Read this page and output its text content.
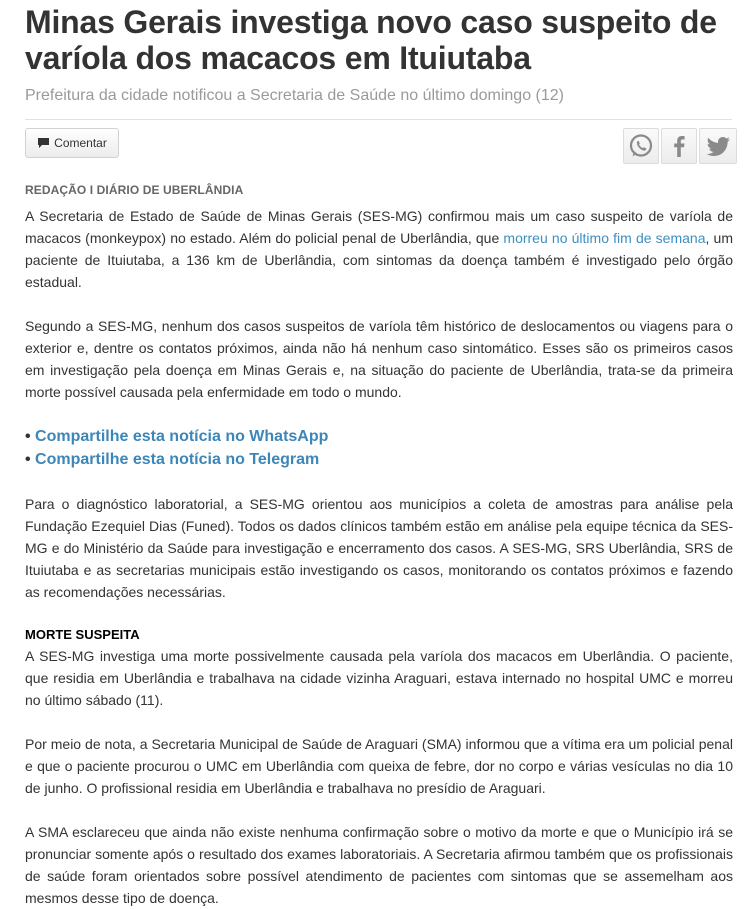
Minas Gerais investiga novo caso suspeito de varíola dos macacos em Ituiutaba
Prefeitura da cidade notificou a Secretaria de Saúde no último domingo (12)
Comentar
REDAÇÃO I DIÁRIO DE UBERLÂNDIA

A Secretaria de Estado de Saúde de Minas Gerais (SES-MG) confirmou mais um caso suspeito de varíola de macacos (monkeypox) no estado. Além do policial penal de Uberlândia, que morreu no último fim de semana, um paciente de Ituiutaba, a 136 km de Uberlândia, com sintomas da doença também é investigado pelo órgão estadual.

Segundo a SES-MG, nenhum dos casos suspeitos de varíola têm histórico de deslocamentos ou viagens para o exterior e, dentre os contatos próximos, ainda não há nenhum caso sintomático. Esses são os primeiros casos em investigação pela doença em Minas Gerais e, na situação do paciente de Uberlândia, trata-se da primeira morte possível causada pela enfermidade em todo o mundo.

• Compartilhe esta notícia no WhatsApp
• Compartilhe esta notícia no Telegram

Para o diagnóstico laboratorial, a SES-MG orientou aos municípios a coleta de amostras para análise pela Fundação Ezequiel Dias (Funed). Todos os dados clínicos também estão em análise pela equipe técnica da SES-MG e do Ministério da Saúde para investigação e encerramento dos casos. A SES-MG, SRS Uberlândia, SRS de Ituiutaba e as secretarias municipais estão investigando os casos, monitorando os contatos próximos e fazendo as recomendações necessárias.

MORTE SUSPEITA

A SES-MG investiga uma morte possivelmente causada pela varíola dos macacos em Uberlândia. O paciente, que residia em Uberlândia e trabalhava na cidade vizinha Araguari, estava internado no hospital UMC e morreu no último sábado (11).

Por meio de nota, a Secretaria Municipal de Saúde de Araguari (SMA) informou que a vítima era um policial penal e que o paciente procurou o UMC em Uberlândia com queixa de febre, dor no corpo e várias vesículas no dia 10 de junho. O profissional residia em Uberlândia e trabalhava no presídio de Araguari.

A SMA esclareceu que ainda não existe nenhuma confirmação sobre o motivo da morte e que o Município irá se pronunciar somente após o resultado dos exames laboratoriais. A Secretaria afirmou também que os profissionais de saúde foram orientados sobre possível atendimento de pacientes com sintomas que se assemelham aos mesmos desse tipo de doença.
